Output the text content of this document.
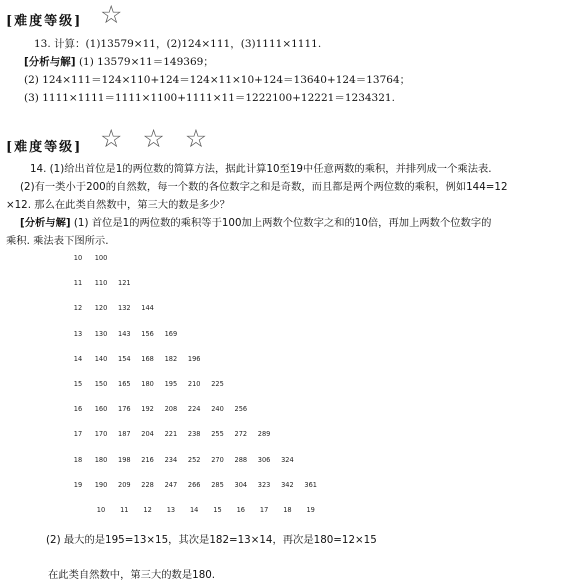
[难度等级] ☆
13. 计算：(1)13579×11，(2)124×111，(3)1111×1111.
[分析与解] (1) 13579×11＝149369；
(2) 124×111＝124×110+124＝124×11×10+124＝13640+124＝13764；
(3) 1111×1111＝1111×1100+1111×11＝1222100+12221＝1234321.
[难度等级] ☆ ☆ ☆
14. (1)给出首位是1的两位数的简算方法，据此计算10至19中任意两数的乘积，并排列成一个乘法表.
(2)有一类小于200的自然数，每一个数的各位数字之和是奇数，而且都是两个两位数的乘积，例如144=12
×12. 那么在此类自然数中，第三大的数是多少？
[分析与解] (1) 首位是1的两位数的乘积等于100加上两数个位数字之和的10倍，再加上两数个位数字的
乘积. 乘法表下图所示.
10 100
11 110 121
12 120 132 144
13 130 143 156 169
14 140 154 168 182 196
15 150 165 180 195 210 225
16 160 176 192 208 224 240 256
17 170 187 204 221 238 255 272 289
18 180 198 216 234 252 270 288 306 324
19 190 209 228 247 266 285 304 323 342 361
10 11 12 13 14 15 16 17 18 19
(2) 最大的是195=13×15，其次是182=13×14，再次是180=12×15
在此类自然数中，第三大的数是180.
